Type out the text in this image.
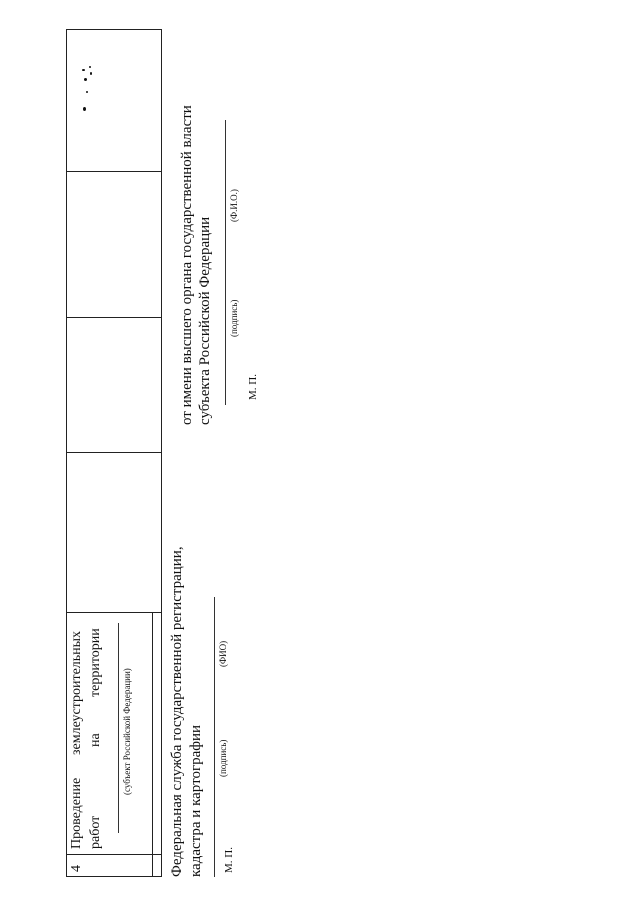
4
Проведение
землеустроительных
работ
на
территории
(субъект Российской Федерации) Федеральная служба государственной регистрации, кадастра и картографии (подпись)
(ФИО)
М. П.
от имени высшего органа государственной власти субъекта Российской Федерации (подпись)
(Ф.И.О.)
М. П.
